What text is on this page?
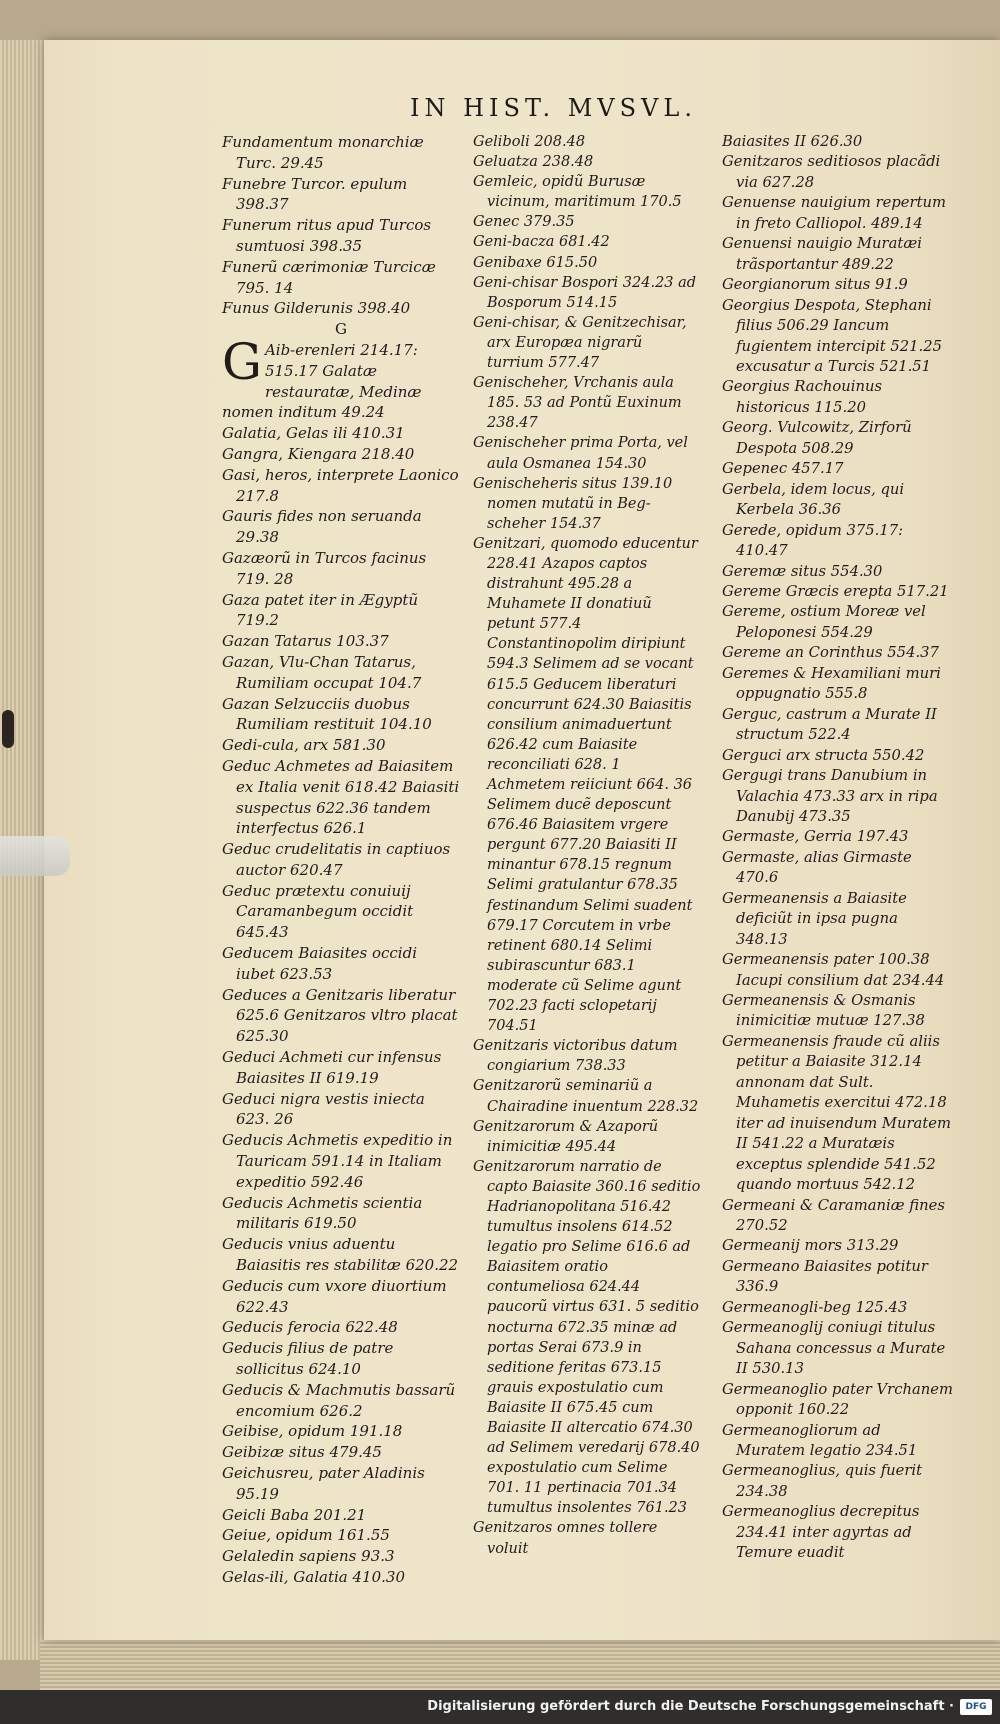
IN HIST. MVSVL.

Fundamentum monarchiæ Turc. 29.45

Funebre Turcor. epulum 398.37

Funerum ritus apud Turcos sumtuosi 398.35

Funerũ cærimoniæ Turcicæ 795. 14

Funus Gilderunis 398.40

G

G Aib-erenleri 214.17: 515.17 Galatæ restauratæ, Medinæ nomen inditum 49.24

Galatia, Gelas ili 410.31

Gangra, Kiengara 218.40

Gasi, heros, interprete Laonico 217.8

Gauris fides non seruanda 29.38

Gazæorũ in Turcos facinus 719. 28

Gaza patet iter in Ægyptũ 719.2

Gazan Tatarus 103.37

Gazan, Vlu-Chan Tatarus, Rumiliam occupat 104.7

Gazan Selzucciis duobus Rumiliam restituit 104.10

Gedi-cula, arx 581.30

Geduc Achmetes ad Baiasitem ex Italia venit 618.42 Baiasiti suspectus 622.36 tandem interfectus 626.1

Geduc crudelitatis in captiuos auctor 620.47

Geduc prætextu conuiuij Caramanbegum occidit 645.43

Geducem Baiasites occidi iubet 623.53

Geduces a Genitzaris liberatur 625.6 Genitzaros vltro placat 625.30

Geduci Achmeti cur infensus Baiasites II 619.19

Geduci nigra vestis iniecta 623. 26

Geducis Achmetis expeditio in Tauricam 591.14 in Italiam expeditio 592.46

Geducis Achmetis scientia militaris 619.50

Geducis vnius aduentu Baiasitis res stabilitæ 620.22

Geducis cum vxore diuortium 622.43

Geducis ferocia 622.48

Geducis filius de patre sollicitus 624.10

Geducis & Machmutis bassarũ encomium 626.2

Geibise, opidum 191.18

Geibizæ situs 479.45

Geichusreu, pater Aladinis 95.19

Geicli Baba 201.21

Geiue, opidum 161.55

Gelaledin sapiens 93.3

Gelas-ili, Galatia 410.30

Geliboli 208.48

Geluatza 238.48

Gemleic, opidũ Burusæ vicinum, maritimum 170.5

Genec 379.35

Geni-bacza 681.42

Genibaxe 615.50

Geni-chisar Bospori 324.23 ad Bosporum 514.15

Geni-chisar, & Genitzechisar, arx Europæa nigrarũ turrium 577.47

Genischeher, Vrchanis aula 185. 53 ad Pontũ Euxinum 238.47

Genischeher prima Porta, vel aula Osmanea 154.30

Genischeheris situs 139.10 nomen mutatũ in Beg-scheher 154.37

Genitzari, quomodo educentur 228.41 Azapos captos distrahunt 495.28 a Muhamete II donatiuũ petunt 577.4 Constantinopolim diripiunt 594.3 Selimem ad se vocant 615.5 Geducem liberaturi concurrunt 624.30 Baiasitis consilium animaduertunt 626.42 cum Baiasite reconciliati 628. 1 Achmetem reiiciunt 664. 36 Selimem ducẽ deposcunt 676.46 Baiasitem vrgere pergunt 677.20 Baiasiti II minantur 678.15 regnum Selimi gratulantur 678.35 festinandum Selimi suadent 679.17 Corcutem in vrbe retinent 680.14 Selimi subirascuntur 683.1 moderate cũ Selime agunt 702.23 facti sclopetarij 704.51

Genitzaris victoribus datum congiarium 738.33

Genitzarorũ seminariũ a Chairadine inuentum 228.32

Genitzarorum & Azaporũ inimicitiæ 495.44

Genitzarorum narratio de capto Baiasite 360.16 seditio Hadrianopolitana 516.42 tumultus insolens 614.52 legatio pro Selime 616.6 ad Baiasitem oratio contumeliosa 624.44 paucorũ virtus 631. 5 seditio nocturna 672.35 minæ ad portas Serai 673.9 in seditione feritas 673.15 grauis expostulatio cum Baiasite II 675.45 cum Baiasite II altercatio 674.30 ad Selimem veredarij 678.40 expostulatio cum Selime 701. 11 pertinacia 701.34 tumultus insolentes 761.23

Genitzaros omnes tollere voluit

Baiasites II 626.30

Genitzaros seditiosos placãdi via 627.28

Genuense nauigium repertum in freto Calliopol. 489.14

Genuensi nauigio Muratæi trãsportantur 489.22

Georgianorum situs 91.9

Georgius Despota, Stephani filius 506.29 Iancum fugientem intercipit 521.25 excusatur a Turcis 521.51

Georgius Rachouinus historicus 115.20

Georg. Vulcowitz, Zirforũ Despota 508.29

Gepenec 457.17

Gerbela, idem locus, qui Kerbela 36.36

Gerede, opidum 375.17: 410.47

Geremæ situs 554.30

Gereme Græcis erepta 517.21

Gereme, ostium Moreæ vel Peloponesi 554.29

Gereme an Corinthus 554.37

Geremes & Hexamiliani muri oppugnatio 555.8

Gerguc, castrum a Murate II structum 522.4

Gerguci arx structa 550.42

Gergugi trans Danubium in Valachia 473.33 arx in ripa Danubij 473.35

Germaste, Gerria 197.43

Germaste, alias Girmaste 470.6

Germeanensis a Baiasite deficiũt in ipsa pugna 348.13

Germeanensis pater 100.38 Iacupi consilium dat 234.44

Germeanensis & Osmanis inimicitiæ mutuæ 127.38

Germeanensis fraude cũ aliis petitur a Baiasite 312.14 annonam dat Sult. Muhametis exercitui 472.18 iter ad inuisendum Muratem II 541.22 a Muratæis exceptus splendide 541.52 quando mortuus 542.12

Germeani & Caramaniæ fines 270.52

Germeanij mors 313.29

Germeano Baiasites potitur 336.9

Germeanogli-beg 125.43

Germeanoglij coniugi titulus Sahana concessus a Murate II 530.13

Germeanoglio pater Vrchanem opponit 160.22

Germeanogliorum ad Muratem legatio 234.51

Germeanoglius, quis fuerit 234.38

Germeanoglius decrepitus 234.41 inter agyrtas ad Temure euadit

Digitalisierung gefördert durch die Deutsche Forschungsgemeinschaft ·	DFG
